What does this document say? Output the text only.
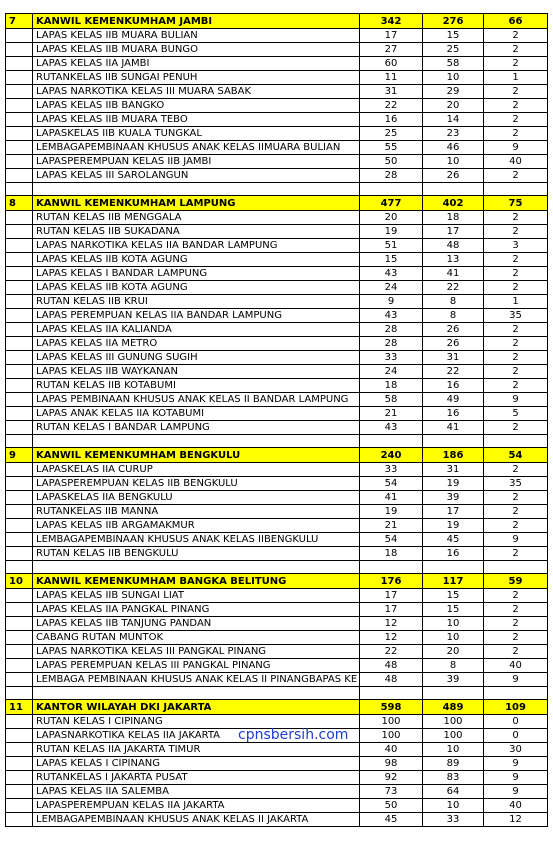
7	KANWIL KEMENKUMHAM JAMBI	342	276	66
	LAPAS KELAS IIB MUARA BULIAN	17	15	2
	LAPAS KELAS IIB MUARA BUNGO	27	25	2
	LAPAS KELAS IIA JAMBI	60	58	2
	RUTANKELAS IIB SUNGAI PENUH	11	10	1
	LAPAS NARKOTIKA KELAS III MUARA SABAK	31	29	2
	LAPAS KELAS IIB BANGKO	22	20	2
	LAPAS KELAS IIB MUARA TEBO	16	14	2
	LAPASKELAS IIB KUALA TUNGKAL	25	23	2
	LEMBAGAPEMBINAAN KHUSUS ANAK KELAS IIMUARA BULIAN	55	46	9
	LAPASPEREMPUAN KELAS IIB JAMBI	50	10	40
	LAPAS KELAS III SAROLANGUN	28	26	2

8	KANWIL KEMENKUMHAM LAMPUNG	477	402	75
	RUTAN KELAS IIB MENGGALA	20	18	2
	RUTAN KELAS IIB SUKADANA	19	17	2
	LAPAS NARKOTIKA KELAS IIA BANDAR LAMPUNG	51	48	3
	LAPAS KELAS IIB KOTA AGUNG	15	13	2
	LAPAS KELAS I BANDAR LAMPUNG	43	41	2
	LAPAS KELAS IIB KOTA AGUNG	24	22	2
	RUTAN KELAS IIB KRUI	9	8	1
	LAPAS PEREMPUAN KELAS IIA BANDAR LAMPUNG	43	8	35
	LAPAS KELAS IIA KALIANDA	28	26	2
	LAPAS KELAS IIA METRO	28	26	2
	LAPAS KELAS III GUNUNG SUGIH	33	31	2
	LAPAS KELAS IIB WAYKANAN	24	22	2
	RUTAN KELAS IIB KOTABUMI	18	16	2
	LAPAS PEMBINAAN KHUSUS ANAK KELAS II BANDAR LAMPUNG	58	49	9
	LAPAS ANAK KELAS IIA KOTABUMI	21	16	5
	RUTAN KELAS I BANDAR LAMPUNG	43	41	2

9	KANWIL KEMENKUMHAM BENGKULU	240	186	54
	LAPASKELAS IIA CURUP	33	31	2
	LAPASPEREMPUAN KELAS IIB BENGKULU	54	19	35
	LAPASKELAS IIA BENGKULU	41	39	2
	RUTANKELAS IIB MANNA	19	17	2
	LAPAS KELAS IIB ARGAMAKMUR	21	19	2
	LEMBAGAPEMBINAAN KHUSUS ANAK KELAS IIBENGKULU	54	45	9
	RUTAN KELAS IIB BENGKULU	18	16	2

10	KANWIL KEMENKUMHAM BANGKA BELITUNG	176	117	59
	LAPAS KELAS IIB SUNGAI LIAT	17	15	2
	LAPAS KELAS IIA PANGKAL PINANG	17	15	2
	LAPAS KELAS IIB TANJUNG PANDAN	12	10	2
	CABANG RUTAN MUNTOK	12	10	2
	LAPAS NARKOTIKA KELAS III PANGKAL PINANG	22	20	2
	LAPAS PEREMPUAN KELAS III PANGKAL PINANG	48	8	40
	LEMBAGA PEMBINAAN KHUSUS ANAK KELAS II PINANGBAPAS KE	48	39	9

11	KANTOR WILAYAH DKI JAKARTA	598	489	109
	RUTAN KELAS I CIPINANG	100	100	0
	LAPASNARKOTIKA KELAS IIA JAKARTA	100	100	0
	RUTAN KELAS IIA JAKARTA TIMUR	40	10	30
	LAPAS KELAS I CIPINANG	98	89	9
	RUTANKELAS I JAKARTA PUSAT	92	83	9
	LAPAS KELAS IIA SALEMBA	73	64	9
	LAPASPEREMPUAN KELAS IIA JAKARTA	50	10	40
	LEMBAGAPEMBINAAN KHUSUS ANAK KELAS II JAKARTA	45	33	12
cpnsbersih.com
